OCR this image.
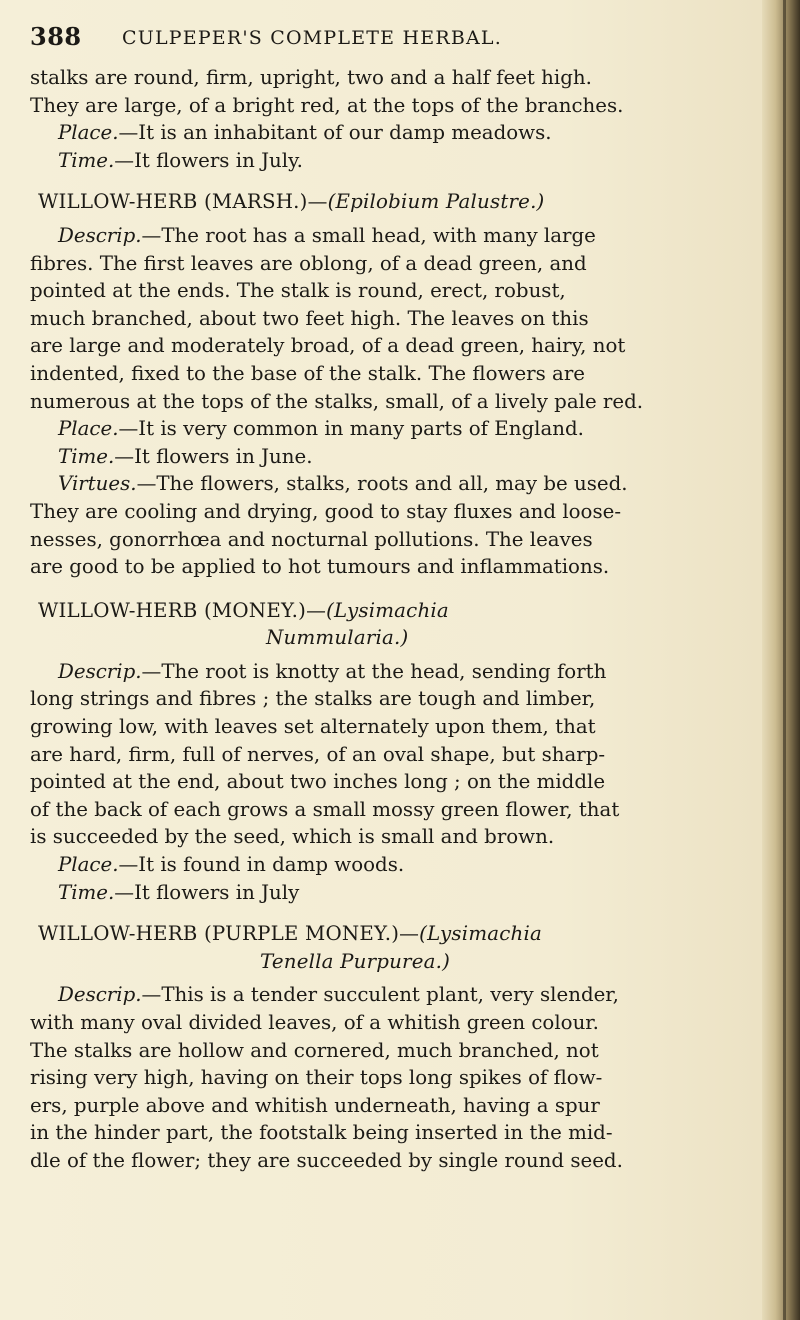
388 CULPEPER'S COMPLETE HERBAL.
stalks are round, firm, upright, two and a half feet high.
They are large, of a bright red, at the tops of the branches.
Place.—It is an inhabitant of our damp meadows.
Time.—It flowers in July.
WILLOW-HERB (MARSH.)—(Epilobium Palustre.)
Descrip.—The root has a small head, with many large
fibres. The first leaves are oblong, of a dead green, and
pointed at the ends. The stalk is round, erect, robust,
much branched, about two feet high. The leaves on this
are large and moderately broad, of a dead green, hairy, not
indented, fixed to the base of the stalk. The flowers are
numerous at the tops of the stalks, small, of a lively pale red.
Place.—It is very common in many parts of England.
Time.—It flowers in June.
Virtues.—The flowers, stalks, roots and all, may be used.
They are cooling and drying, good to stay fluxes and loose-
nesses, gonorrhœa and nocturnal pollutions. The leaves
are good to be applied to hot tumours and inflammations.
WILLOW-HERB (MONEY.)—(Lysimachia
Nummularia.)
Descrip.—The root is knotty at the head, sending forth
long strings and fibres ; the stalks are tough and limber,
growing low, with leaves set alternately upon them, that
are hard, firm, full of nerves, of an oval shape, but sharp-
pointed at the end, about two inches long ; on the middle
of the back of each grows a small mossy green flower, that
is succeeded by the seed, which is small and brown.
Place.—It is found in damp woods.
Time.—It flowers in July
WILLOW-HERB (PURPLE MONEY.)—(Lysimachia
Tenella Purpurea.)
Descrip.—This is a tender succulent plant, very slender,
with many oval divided leaves, of a whitish green colour.
The stalks are hollow and cornered, much branched, not
rising very high, having on their tops long spikes of flow-
ers, purple above and whitish underneath, having a spur
in the hinder part, the footstalk being inserted in the mid-
dle of the flower; they are succeeded by single round seed.
